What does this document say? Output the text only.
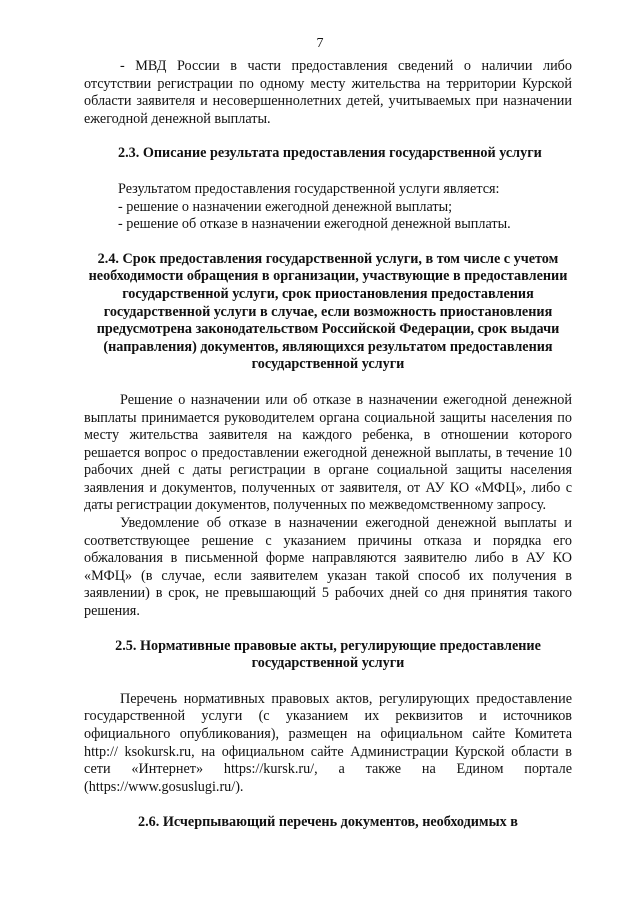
7

- МВД России в части предоставления сведений о наличии либо отсутствии регистрации по одному месту жительства на территории Курской области заявителя и несовершеннолетних детей, учитываемых при назначении ежегодной денежной выплаты.

2.3. Описание результата предоставления государственной услуги

Результатом предоставления государственной услуги является:

- решение о назначении ежегодной денежной выплаты;

- решение об отказе в назначении ежегодной денежной выплаты.

2.4. Срок предоставления государственной услуги, в том числе с учетом необходимости обращения в организации, участвующие в предоставлении государственной услуги, срок приостановления предоставления государственной услуги в случае, если возможность приостановления предусмотрена законодательством Российской Федерации, срок выдачи (направления) документов, являющихся результатом предоставления государственной услуги

Решение о назначении или об отказе в назначении ежегодной денежной выплаты принимается руководителем органа социальной защиты населения по месту жительства заявителя на каждого ребенка, в отношении которого решается вопрос о предоставлении ежегодной денежной выплаты, в течение 10 рабочих дней с даты регистрации в органе социальной защиты населения заявления и документов, полученных от заявителя, от АУ КО «МФЦ», либо с даты регистрации документов, полученных по межведомственному запросу.

Уведомление об отказе в назначении ежегодной денежной выплаты и соответствующее решение с указанием причины отказа и порядка его обжалования в письменной форме направляются заявителю либо в АУ КО «МФЦ» (в случае, если заявителем указан такой способ их получения в заявлении) в срок, не превышающий 5 рабочих дней со дня принятия такого решения.

2.5. Нормативные правовые акты, регулирующие предоставление государственной услуги

Перечень нормативных правовых актов, регулирующих предоставление государственной услуги (с указанием их реквизитов и источников официального опубликования), размещен на официальном сайте Комитета http:// ksokursk.ru, на официальном сайте Администрации Курской области в сети «Интернет» https://kursk.ru/, а также на Едином портале (https://www.gosuslugi.ru/).

2.6. Исчерпывающий перечень документов, необходимых в
